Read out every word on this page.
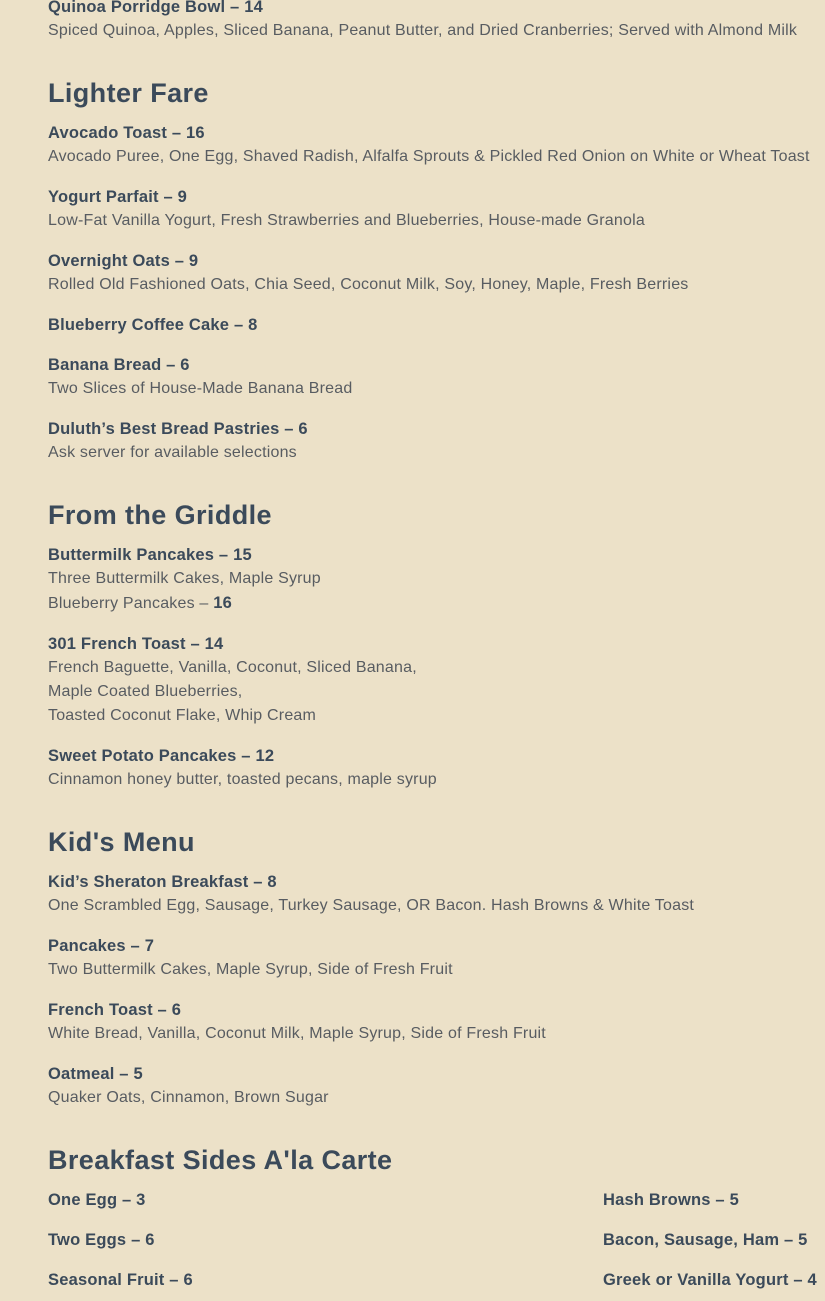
Quinoa Porridge Bowl – 14
Spiced Quinoa, Apples, Sliced Banana, Peanut Butter, and Dried Cranberries; Served with Almond Milk
Lighter Fare
Avocado Toast – 16
Avocado Puree, One Egg, Shaved Radish, Alfalfa Sprouts & Pickled Red Onion on White or Wheat Toast
Yogurt Parfait – 9
Low-Fat Vanilla Yogurt, Fresh Strawberries and Blueberries, House-made Granola
Overnight Oats – 9
Rolled Old Fashioned Oats, Chia Seed, Coconut Milk, Soy, Honey, Maple, Fresh Berries
Blueberry Coffee Cake – 8
Banana Bread – 6
Two Slices of House-Made Banana Bread
Duluth’s Best Bread Pastries – 6
Ask server for available selections
From the Griddle
Buttermilk Pancakes – 15
Three Buttermilk Cakes, Maple Syrup
Blueberry Pancakes – 16
301 French Toast – 14
French Baguette, Vanilla, Coconut, Sliced Banana,
Maple Coated Blueberries,
Toasted Coconut Flake, Whip Cream
Sweet Potato Pancakes – 12
Cinnamon honey butter, toasted pecans, maple syrup
Kid's Menu
Kid’s Sheraton Breakfast – 8
One Scrambled Egg, Sausage, Turkey Sausage, OR Bacon. Hash Browns & White Toast
Pancakes – 7
Two Buttermilk Cakes, Maple Syrup, Side of Fresh Fruit
French Toast – 6
White Bread, Vanilla, Coconut Milk, Maple Syrup, Side of Fresh Fruit
Oatmeal – 5
Quaker Oats, Cinnamon, Brown Sugar
Breakfast Sides A'la Carte
One Egg – 3	Hash Browns – 5
Two Eggs – 6	Bacon, Sausage, Ham – 5
Seasonal Fruit – 6	Greek or Vanilla Yogurt – 4
